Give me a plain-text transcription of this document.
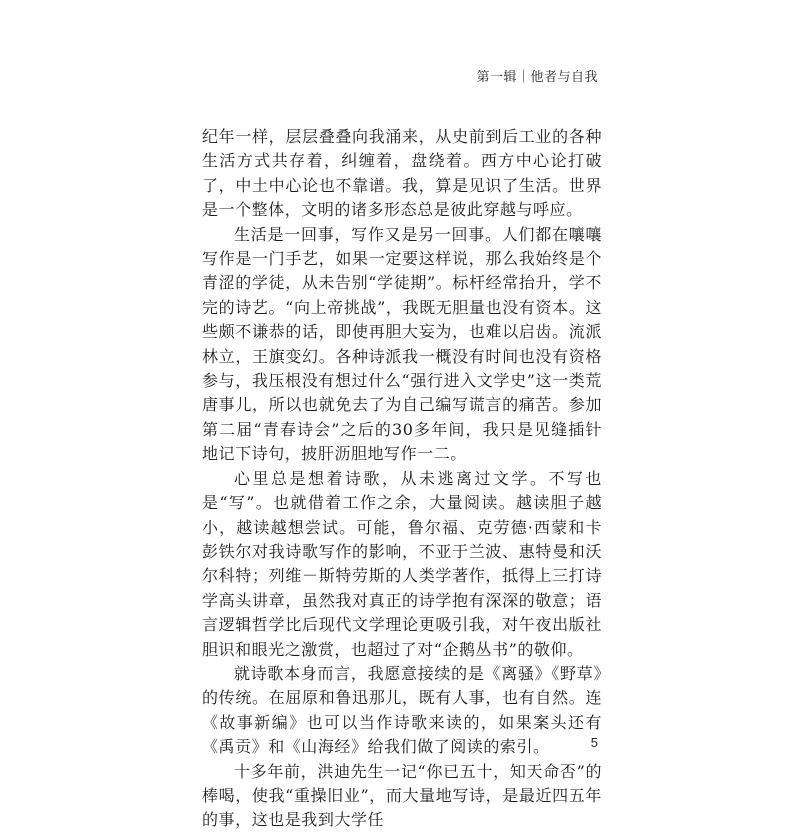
第一辑｜他者与自我

纪年一样，层层叠叠向我涌来，从史前到后工业的各种生活方式共存着，纠缠着，盘绕着。西方中心论打破了，中土中心论也不靠谱。我，算是见识了生活。世界是一个整体，文明的诸多形态总是彼此穿越与呼应。

生活是一回事，写作又是另一回事。人们都在嚷嚷写作是一门手艺，如果一定要这样说，那么我始终是个青涩的学徒，从未告别“学徒期”。标杆经常抬升，学不完的诗艺。“向上帝挑战”，我既无胆量也没有资本。这些颇不谦恭的话，即使再胆大妄为，也难以启齿。流派林立，王旗变幻。各种诗派我一概没有时间也没有资格参与，我压根没有想过什么“强行进入文学史”这一类荒唐事儿，所以也就免去了为自己编写谎言的痛苦。参加第二届“青春诗会”之后的30多年间，我只是见缝插针地记下诗句，披肝沥胆地写作一二。

心里总是想着诗歌，从未逃离过文学。不写也是“写”。也就借着工作之余，大量阅读。越读胆子越小，越读越想尝试。可能，鲁尔福、克劳德·西蒙和卡彭铁尔对我诗歌写作的影响，不亚于兰波、惠特曼和沃尔科特；列维－斯特劳斯的人类学著作，抵得上三打诗学高头讲章，虽然我对真正的诗学抱有深深的敬意；语言逻辑哲学比后现代文学理论更吸引我，对午夜出版社胆识和眼光之激赏，也超过了对“企鹅丛书”的敬仰。

就诗歌本身而言，我愿意接续的是《离骚》《野草》的传统。在屈原和鲁迅那儿，既有人事，也有自然。连《故事新编》也可以当作诗歌来读的，如果案头还有《禹贡》和《山海经》给我们做了阅读的索引。

十多年前，洪迪先生一记“你已五十，知天命否”的棒喝，使我“重操旧业”，而大量地写诗，是最近四五年的事，这也是我到大学任

5
